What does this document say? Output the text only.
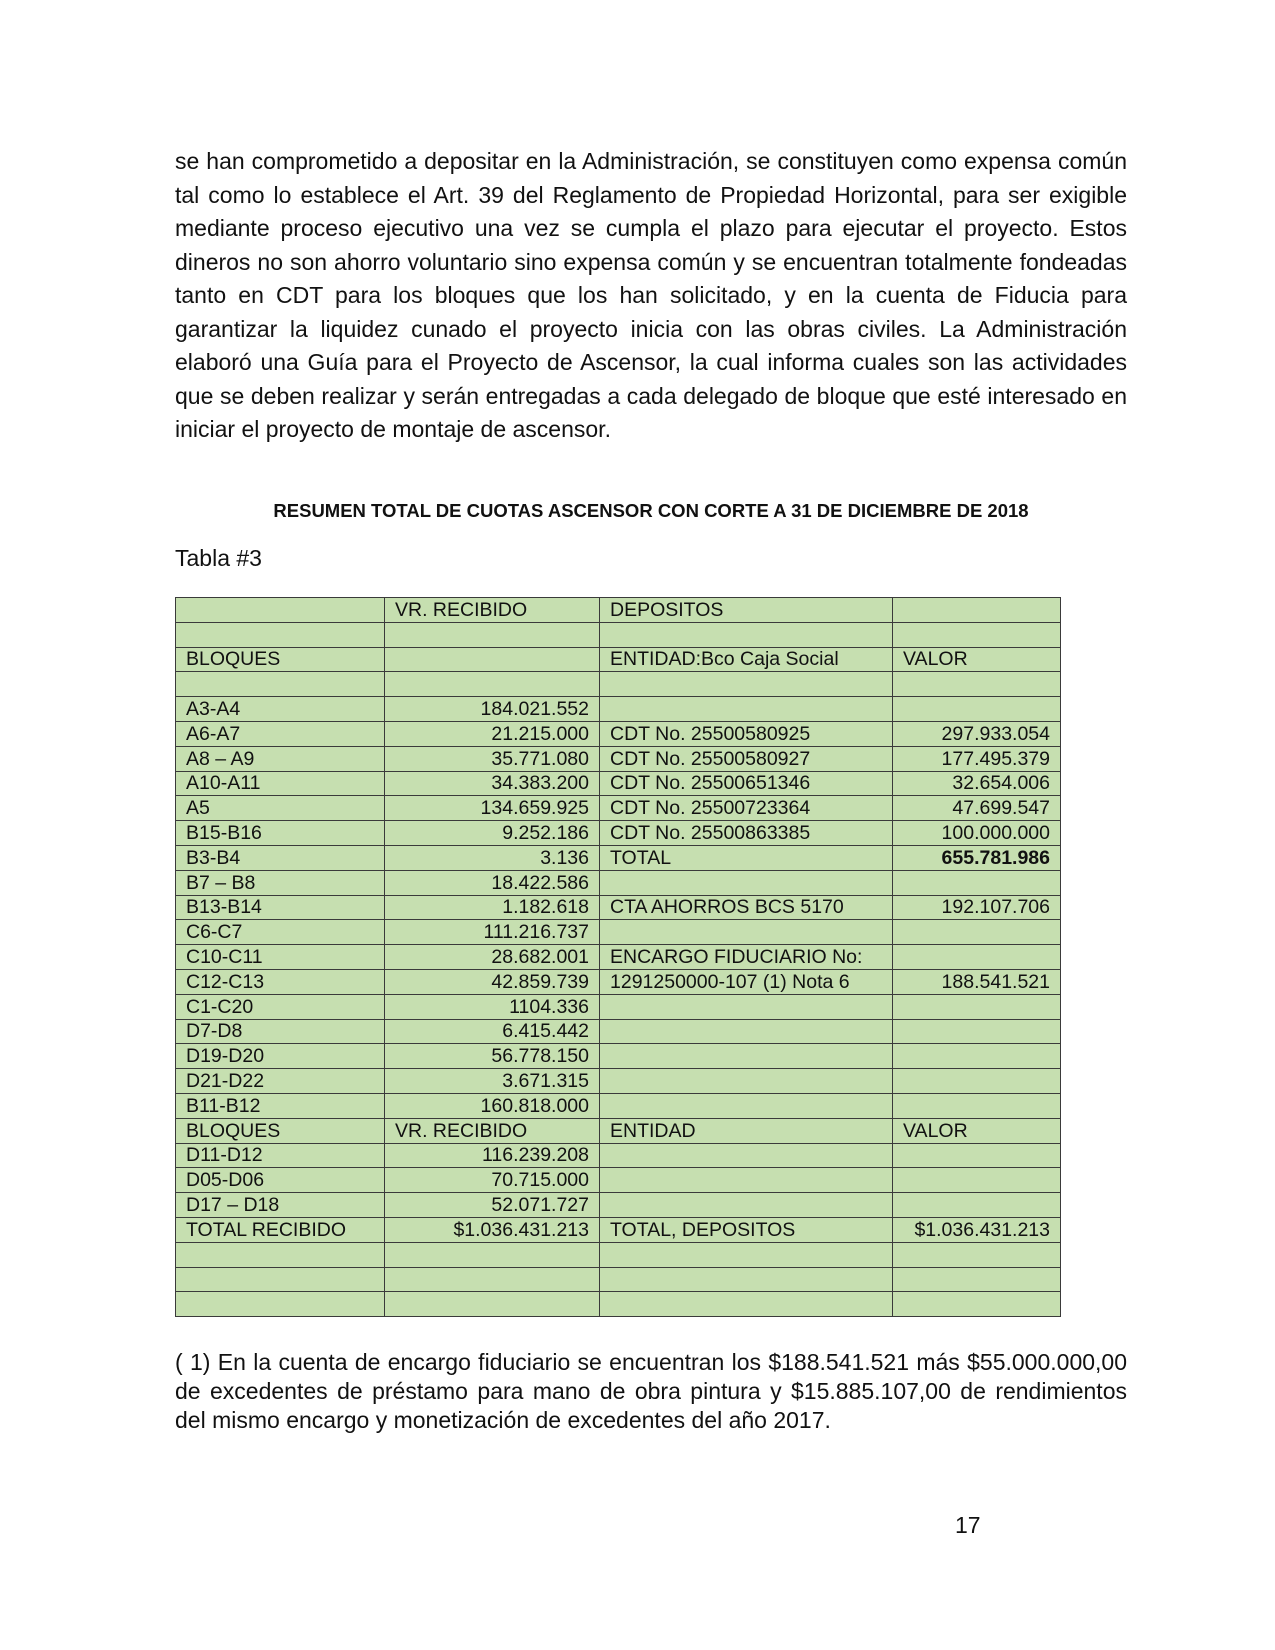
se han comprometido a depositar en la Administración, se constituyen como expensa común tal como lo establece el Art. 39 del Reglamento de Propiedad Horizontal, para ser exigible mediante proceso ejecutivo una vez se cumpla el plazo para ejecutar el proyecto. Estos dineros no son ahorro voluntario sino expensa común y se encuentran totalmente fondeadas tanto en CDT para los bloques que los han solicitado, y en la cuenta de Fiducia para garantizar la liquidez cunado el proyecto inicia con las obras civiles. La Administración elaboró una Guía para el Proyecto de Ascensor, la cual informa cuales son las actividades que se deben realizar y serán entregadas a cada delegado de bloque que esté interesado en iniciar el proyecto de montaje de ascensor.

RESUMEN TOTAL DE CUOTAS ASCENSOR CON CORTE A 31 DE DICIEMBRE DE 2018

Tabla #3

	VR. RECIBIDO	DEPOSITOS	

BLOQUES		ENTIDAD:Bco Caja Social	VALOR

A3-A4	184.021.552		
A6-A7	21.215.000	CDT No. 25500580925	297.933.054
A8 – A9	35.771.080	CDT No. 25500580927	177.495.379
A10-A11	34.383.200	CDT No. 25500651346	32.654.006
A5	134.659.925	CDT No. 25500723364	47.699.547
B15-B16	9.252.186	CDT No. 25500863385	100.000.000
B3-B4	3.136	TOTAL	655.781.986
B7 – B8	18.422.586		
B13-B14	1.182.618	CTA AHORROS BCS 5170	192.107.706
C6-C7	111.216.737		
C10-C11	28.682.001	ENCARGO FIDUCIARIO No:	
C12-C13	42.859.739	1291250000-107 (1) Nota 6	188.541.521
C1-C20	1104.336		
D7-D8	6.415.442		
D19-D20	56.778.150		
D21-D22	3.671.315		
B11-B12	160.818.000		
BLOQUES	VR. RECIBIDO	ENTIDAD	VALOR
D11-D12	116.239.208		
D05-D06	70.715.000		
D17 – D18	52.071.727		
TOTAL RECIBIDO	$1.036.431.213	TOTAL, DEPOSITOS	$1.036.431.213

( 1) En la cuenta de encargo fiduciario se encuentran los $188.541.521 más $55.000.000,00 de excedentes de préstamo para mano de obra pintura y $15.885.107,00 de rendimientos del mismo encargo y monetización de excedentes del año 2017.

17
